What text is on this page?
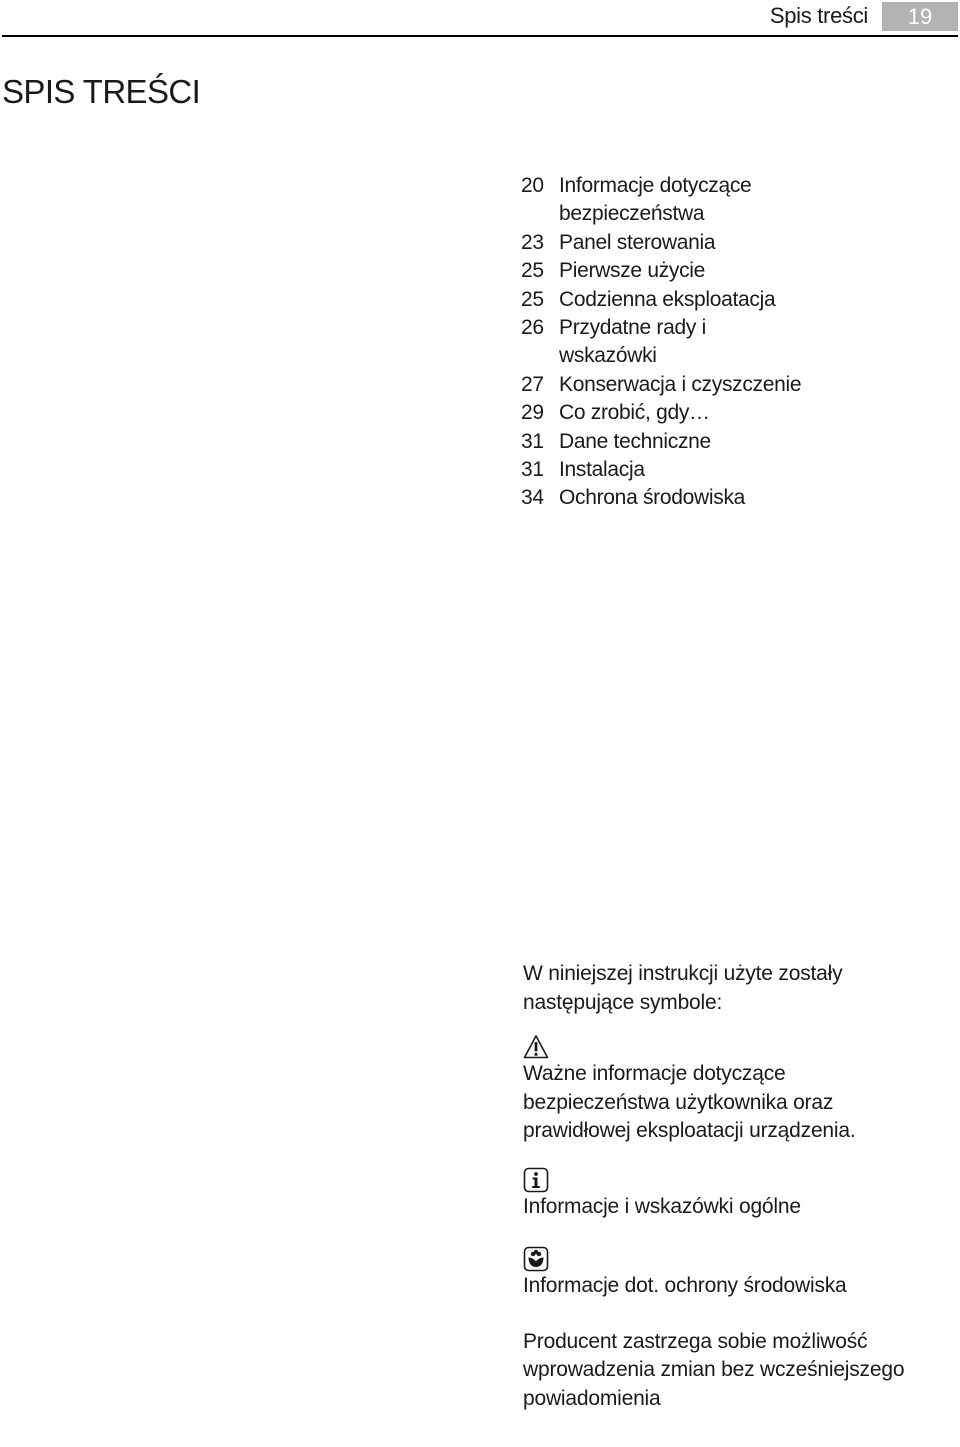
Spis treści	19
SPIS TREŚCI
20 Informacje dotyczące bezpieczeństwa
23 Panel sterowania
25 Pierwsze użycie
25 Codzienna eksploatacja
26 Przydatne rady i wskazówki
27 Konserwacja i czyszczenie
29 Co zrobić, gdy…
31 Dane techniczne
31 Instalacja
34 Ochrona środowiska

W niniejszej instrukcji użyte zostały następujące symbole:

Ważne informacje dotyczące bezpieczeństwa użytkownika oraz prawidłowej eksploatacji urządzenia.

Informacje i wskazówki ogólne

Informacje dot. ochrony środowiska

Producent zastrzega sobie możliwość wprowadzenia zmian bez wcześniejszego powiadomienia
